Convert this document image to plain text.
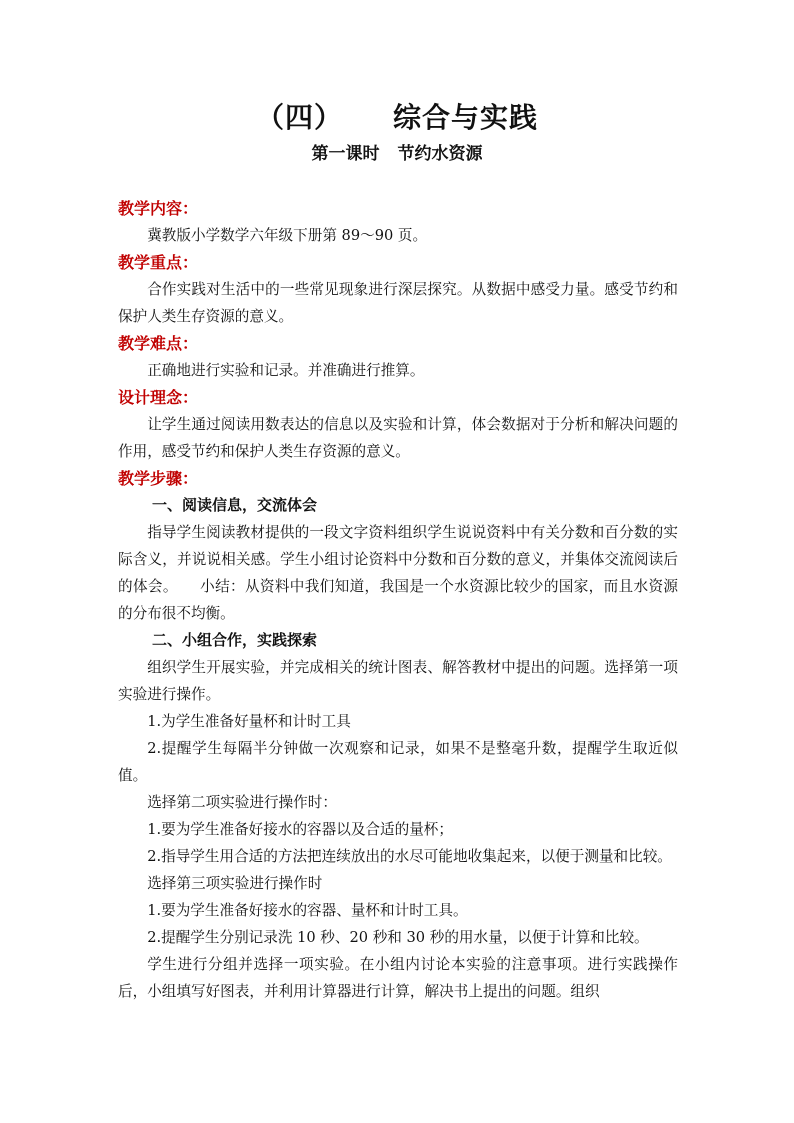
（四） 综合与实践
第一课时 节约水资源
教学内容：

冀教版小学数学六年级下册第 89～90 页。

教学重点：

合作实践对生活中的一些常见现象进行深层探究。从数据中感受力量。感受节约和保护人类生存资源的意义。

教学难点：

正确地进行实验和记录。并准确进行推算。

设计理念：

让学生通过阅读用数表达的信息以及实验和计算，体会数据对于分析和解决问题的作用，感受节约和保护人类生存资源的意义。

教学步骤：
一、阅读信息，交流体会

指导学生阅读教材提供的一段文字资料组织学生说说资料中有关分数和百分数的实际含义，并说说相关感。学生小组讨论资料中分数和百分数的意义，并集体交流阅读后的体会。 小结：从资料中我们知道，我国是一个水资源比较少的国家，而且水资源的分布很不均衡。

二、小组合作，实践探索

组织学生开展实验，并完成相关的统计图表、解答教材中提出的问题。选择第一项实验进行操作。

1.为学生准备好量杯和计时工具

2.提醒学生每隔半分钟做一次观察和记录，如果不是整毫升数，提醒学生取近似值。

选择第二项实验进行操作时：

1.要为学生准备好接水的容器以及合适的量杯；

2.指导学生用合适的方法把连续放出的水尽可能地收集起来，以便于测量和比较。

选择第三项实验进行操作时

1.要为学生准备好接水的容器、量杯和计时工具。

2.提醒学生分别记录洗 10 秒、20 秒和 30 秒的用水量，以便于计算和比较。

学生进行分组并选择一项实验。在小组内讨论本实验的注意事项。进行实践操作后，小组填写好图表，并利用计算器进行计算，解决书上提出的问题。组织
